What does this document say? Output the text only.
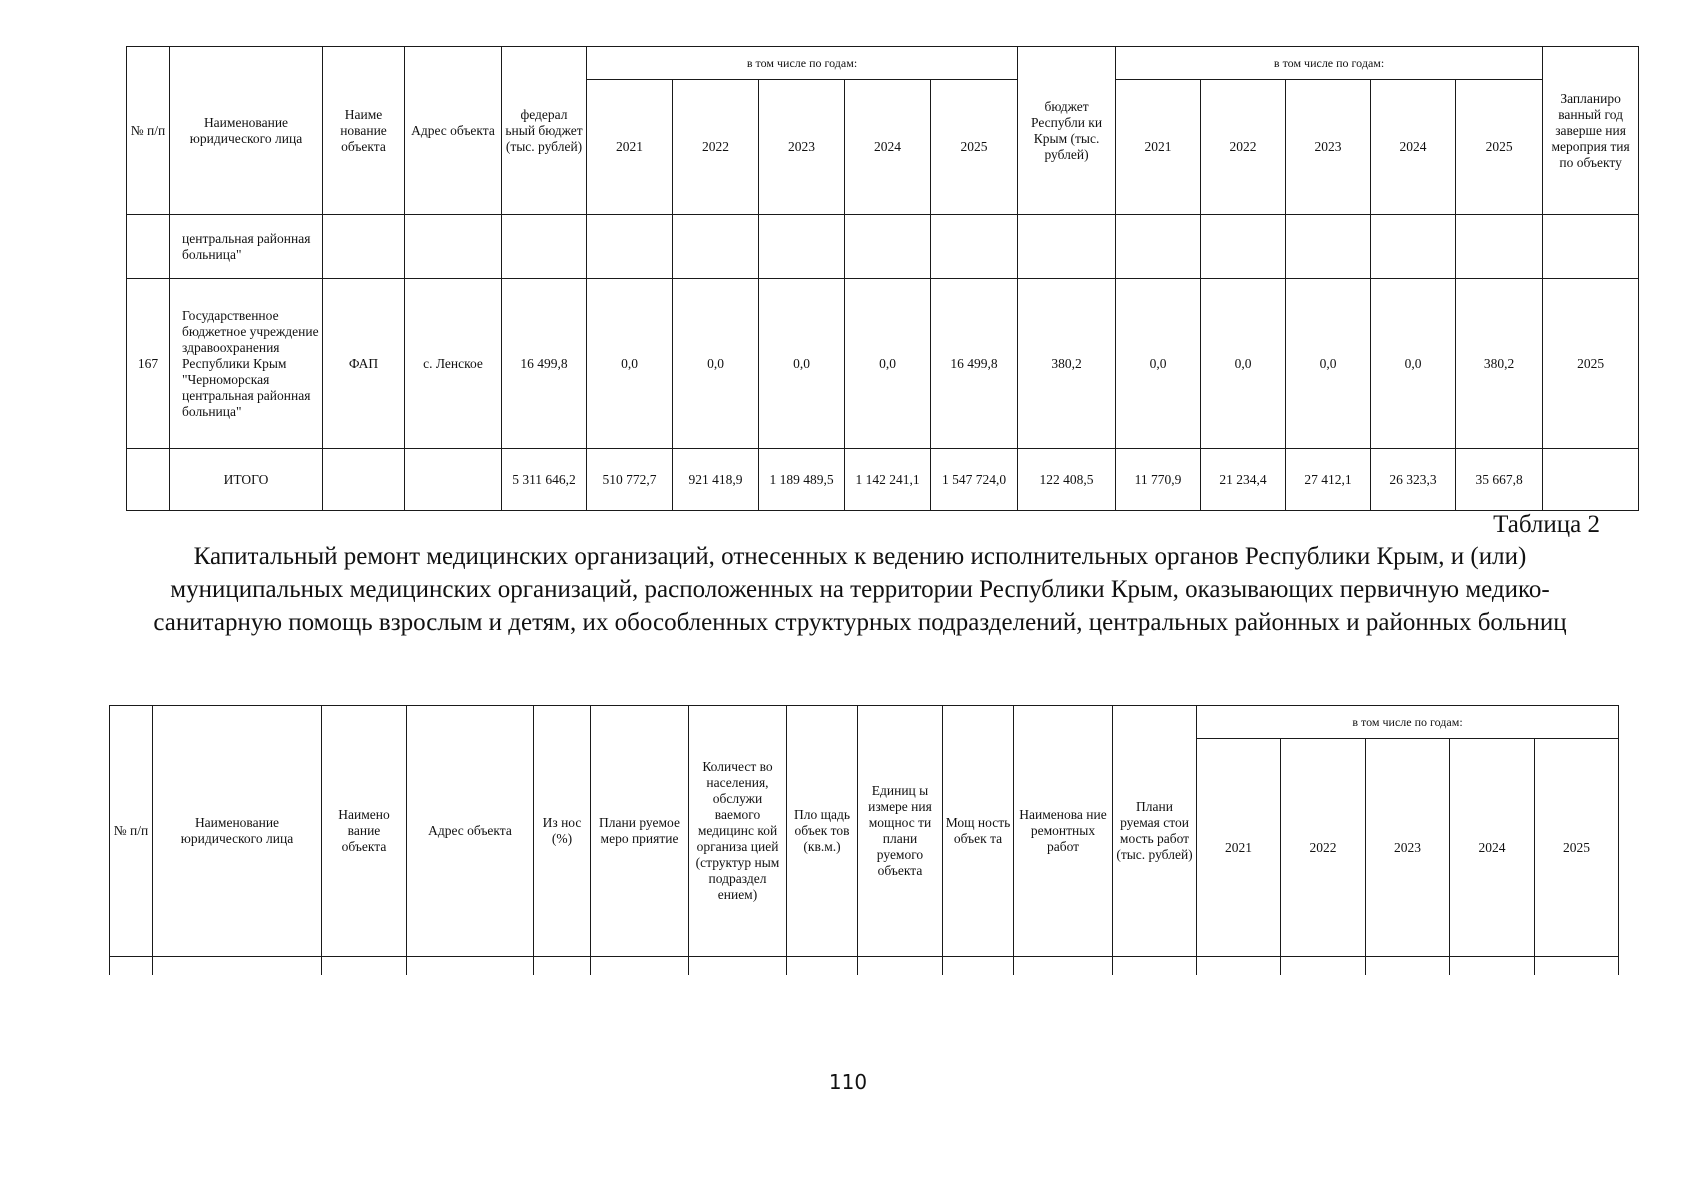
№ п/п	Наименование юридического лица	Наиме нование объекта	Адрес объекта	федерал ьный бюджет (тыс. рублей)	в том числе по годам:					бюджет Республи ки Крым (тыс. рублей)	в том числе по годам:					Запланиро ванный год заверше ния мероприя тия по объекту
					2021	2022	2023	2024	2025		2021	2022	2023	2024	2025	
	центральная районная больница"															
167	Государственное бюджетное учреждение здравоохранения Республики Крым "Черноморская центральная районная больница"	ФАП	с. Ленское	16 499,8	0,0	0,0	0,0	0,0	16 499,8	380,2	0,0	0,0	0,0	0,0	380,2	2025
	ИТОГО			5 311 646,2	510 772,7	921 418,9	1 189 489,5	1 142 241,1	1 547 724,0	122 408,5	11 770,9	21 234,4	27 412,1	26 323,3	35 667,8	
Таблица 2
Капитальный ремонт медицинских организаций, отнесенных к ведению исполнительных органов Республики Крым, и (или) муниципальных медицинских организаций, расположенных на территории Республики Крым, оказывающих первичную медико-санитарную помощь взрослым и детям, их обособленных структурных подразделений, центральных районных и районных больниц
№ п/п	Наименование юридического лица	Наимено вание объекта	Адрес объекта	Из нос (%)	Плани руемое меро приятие	Количест во населения, обслужи ваемого медицинс кой организа цией (структур ным подраздел ением)	Пло щадь объек тов (кв.м.)	Единиц ы измере ния мощнос ти плани руемого объекта	Мощ ность объек та	Наименова ние ремонтных работ	Плани руемая стои мость работ (тыс. рублей)	в том числе по годам:				
												2021	2022	2023	2024	2025

110
